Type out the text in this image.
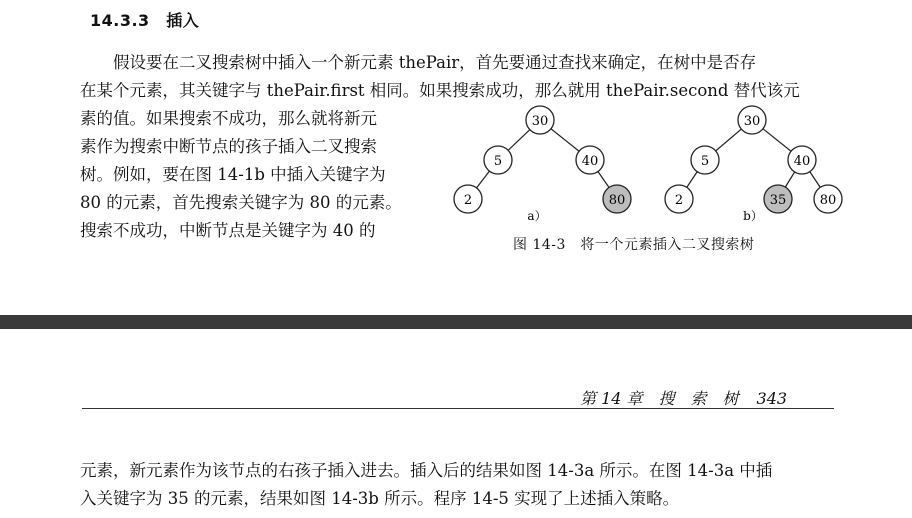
14.3.3　插入

假设要在二叉搜索树中插入一个新元素 thePair，首先要通过查找来确定，在树中是否存

在某个元素，其关键字与 thePair.first 相同。如果搜索成功，那么就用 thePair.second 替代该元

素的值。如果搜索不成功，那么就将新元

素作为搜索中断节点的孩子插入二叉搜索

树。例如，要在图 14-1b 中插入关键字为

80 的元素，首先搜索关键字为 80 的元素。

搜索不成功，中断节点是关键字为 40 的

30
5	40
2	80
30
5	40
2	35	80
a）	b）
图 14-3　将一个元素插入二叉搜索树
第 14 章　搜　索　树 343

元素，新元素作为该节点的右孩子插入进去。插入后的结果如图 14-3a 所示。在图 14-3a 中插

入关键字为 35 的元素，结果如图 14-3b 所示。程序 14-5 实现了上述插入策略。
